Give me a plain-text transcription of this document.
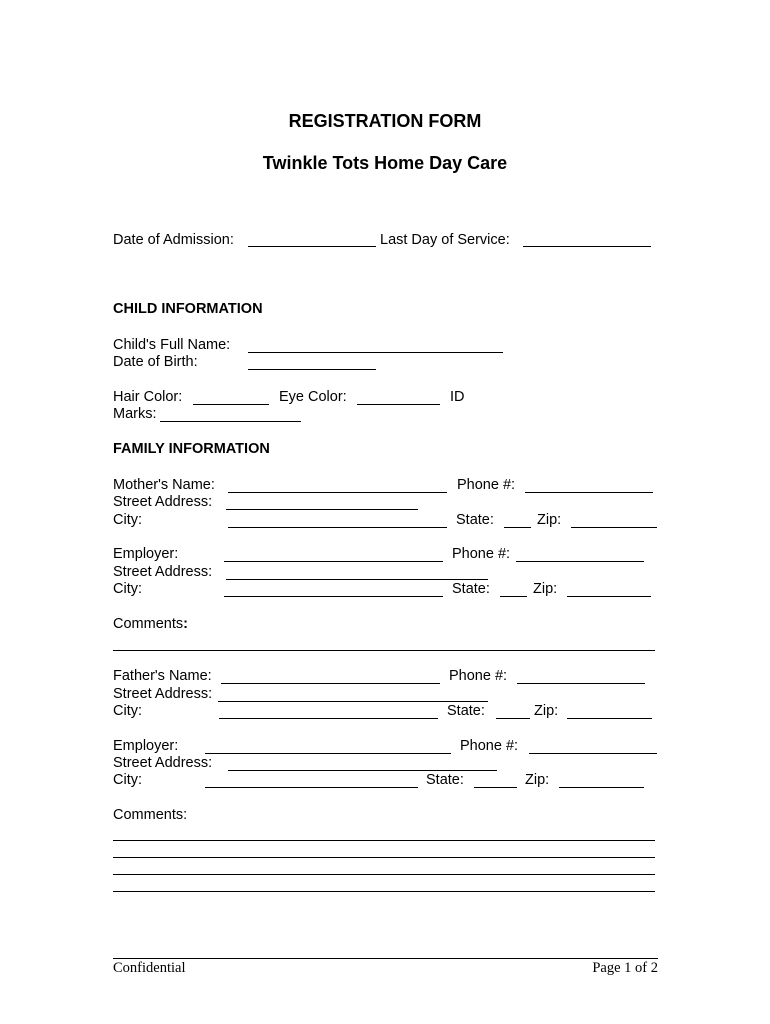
REGISTRATION FORM
Twinkle Tots Home Day Care
Date of Admission:	Last Day of Service:
CHILD INFORMATION
Child's Full Name:
Date of Birth:
Hair Color:	Eye Color:	ID
Marks:
FAMILY INFORMATION
Mother's Name:	Phone #:
Street Address:
City:	State:	Zip:
Employer:	Phone #:
Street Address:
City:	State:	Zip:
Comments:
Father's Name:	Phone #:
Street Address:
City:	State:	Zip:
Employer:	Phone #:
Street Address:
City:	State:	Zip:
Comments:
Confidential	Page 1 of 2
